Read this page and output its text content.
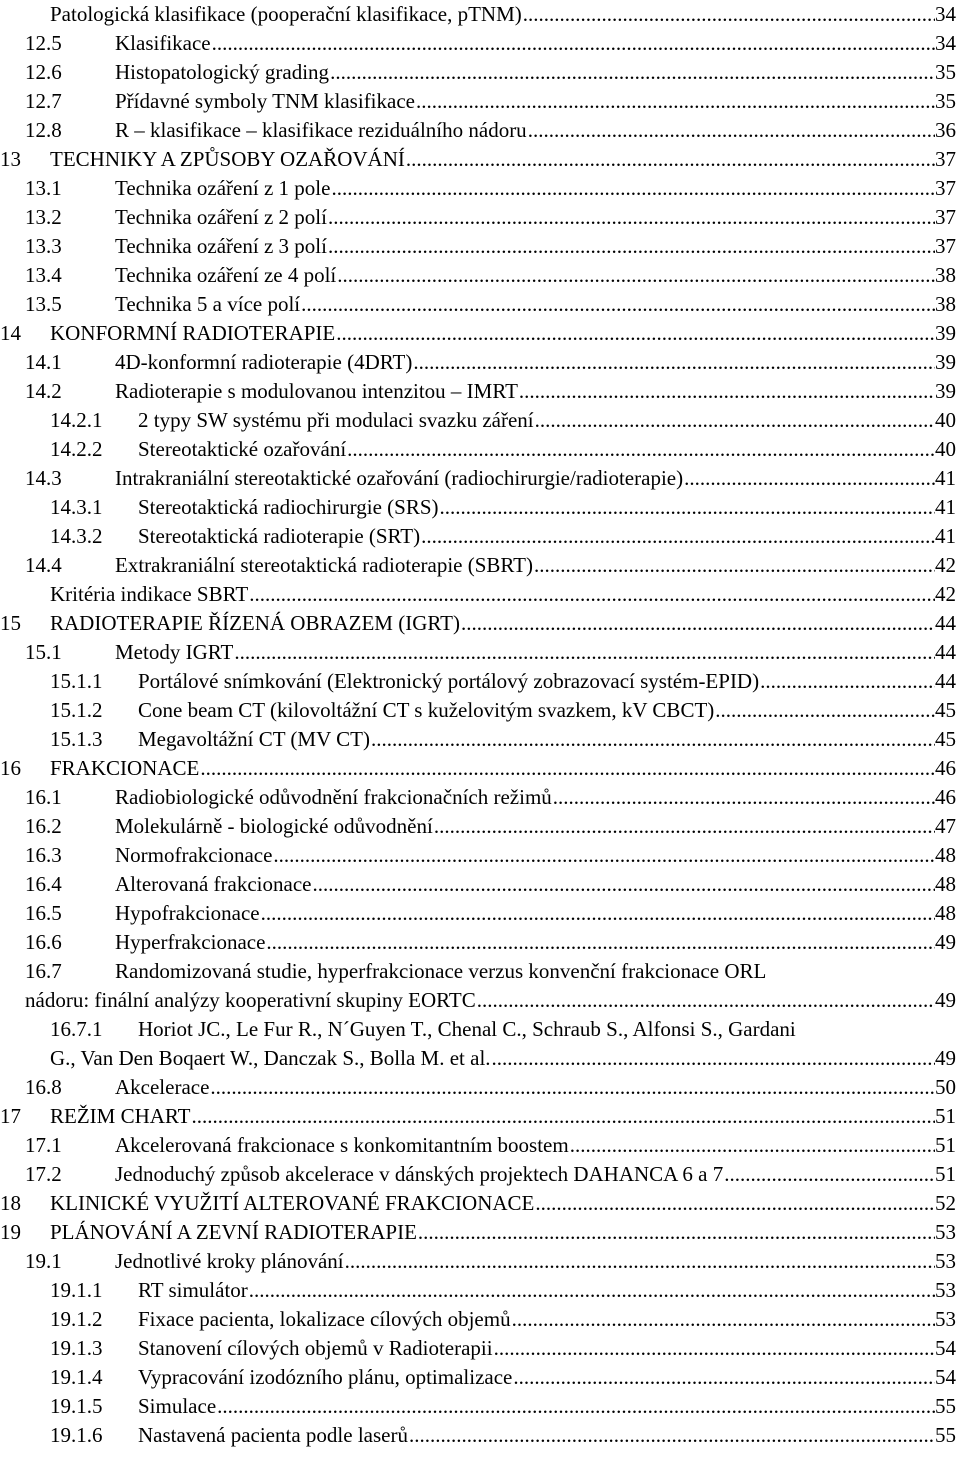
Patologická klasifikace (pooperační klasifikace, pTNM) .....	34
12.5	Klasifikace .....	34
12.6	Histopatologický grading .....	35
12.7	Přídavné symboly TNM klasifikace .....	35
12.8	R – klasifikace – klasifikace reziduálního nádoru .....	36
13 TECHNIKY A ZPŮSOBY OZAŘOVÁNÍ .....	37
13.1	Technika ozáření z 1 pole .....	37
13.2	Technika ozáření z 2 polí .....	37
13.3	Technika ozáření z 3 polí .....	37
13.4	Technika ozáření ze 4 polí .....	38
13.5	Technika 5 a více polí .....	38
14 KONFORMNÍ RADIOTERAPIE .....	39
14.1	4D-konformní radioterapie (4DRT) .....	39
14.2	Radioterapie s modulovanou intenzitou – IMRT .....	39
14.2.1 2 typy SW systému při modulaci svazku záření .....	40
14.2.2 Stereotaktické ozařování .....	40
14.3	Intrakraniální stereotaktické ozařování (radiochirurgie/radioterapie) .....	41
14.3.1 Stereotaktická radiochirurgie (SRS) .....	41
14.3.2 Stereotaktická radioterapie (SRT) .....	41
14.4	Extrakraniální stereotaktická radioterapie (SBRT) .....	42
Kritéria indikace SBRT .....	42
15 RADIOTERAPIE ŘÍZENÁ OBRAZEM (IGRT) .....	44
15.1	Metody IGRT .....	44
15.1.1 Portálové snímkování (Elektronický portálový zobrazovací systém-EPID) .....	44
15.1.2 Cone beam CT (kilovoltážní CT s kuželovitým svazkem, kV CBCT) .....	45
15.1.3 Megavoltážní CT (MV CT) .....	45
16 FRAKCIONACE .....	46
16.1	Radiobiologické odůvodnění frakcionačních režimů .....	46
16.2	Molekulárně - biologické odůvodnění .....	47
16.3	Normofrakcionace .....	48
16.4	Alterovaná frakcionace .....	48
16.5	Hypofrakcionace .....	48
16.6	Hyperfrakcionace .....	49
16.7	Randomizovaná studie, hyperfrakcionace verzus konvenční frakcionace ORL
nádoru: finální analýzy kooperativní skupiny EORTC .....	49
16.7.1 Horiot JC., Le Fur R., N´Guyen T., Chenal C., Schraub S., Alfonsi S., Gardani
G., Van Den Boqaert W., Danczak S., Bolla M. et al. .....	49
16.8	Akcelerace .....	50
17 REŽIM CHART .....	51
17.1	Akcelerovaná frakcionace s konkomitantním boostem .....	51
17.2	Jednoduchý způsob akcelerace v dánských projektech DAHANCA 6 a 7 .....	51
18 KLINICKÉ VYUŽITÍ ALTEROVANÉ FRAKCIONACE .....	52
19 PLÁNOVÁNÍ A ZEVNÍ RADIOTERAPIE .....	53
19.1	Jednotlivé kroky plánování .....	53
19.1.1 RT simulátor .....	53
19.1.2 Fixace pacienta, lokalizace cílových objemů .....	53
19.1.3 Stanovení cílových objemů v Radioterapii .....	54
19.1.4 Vypracování izodózního plánu, optimalizace .....	54
19.1.5 Simulace .....	55
19.1.6 Nastavená pacienta podle laserů .....	55
